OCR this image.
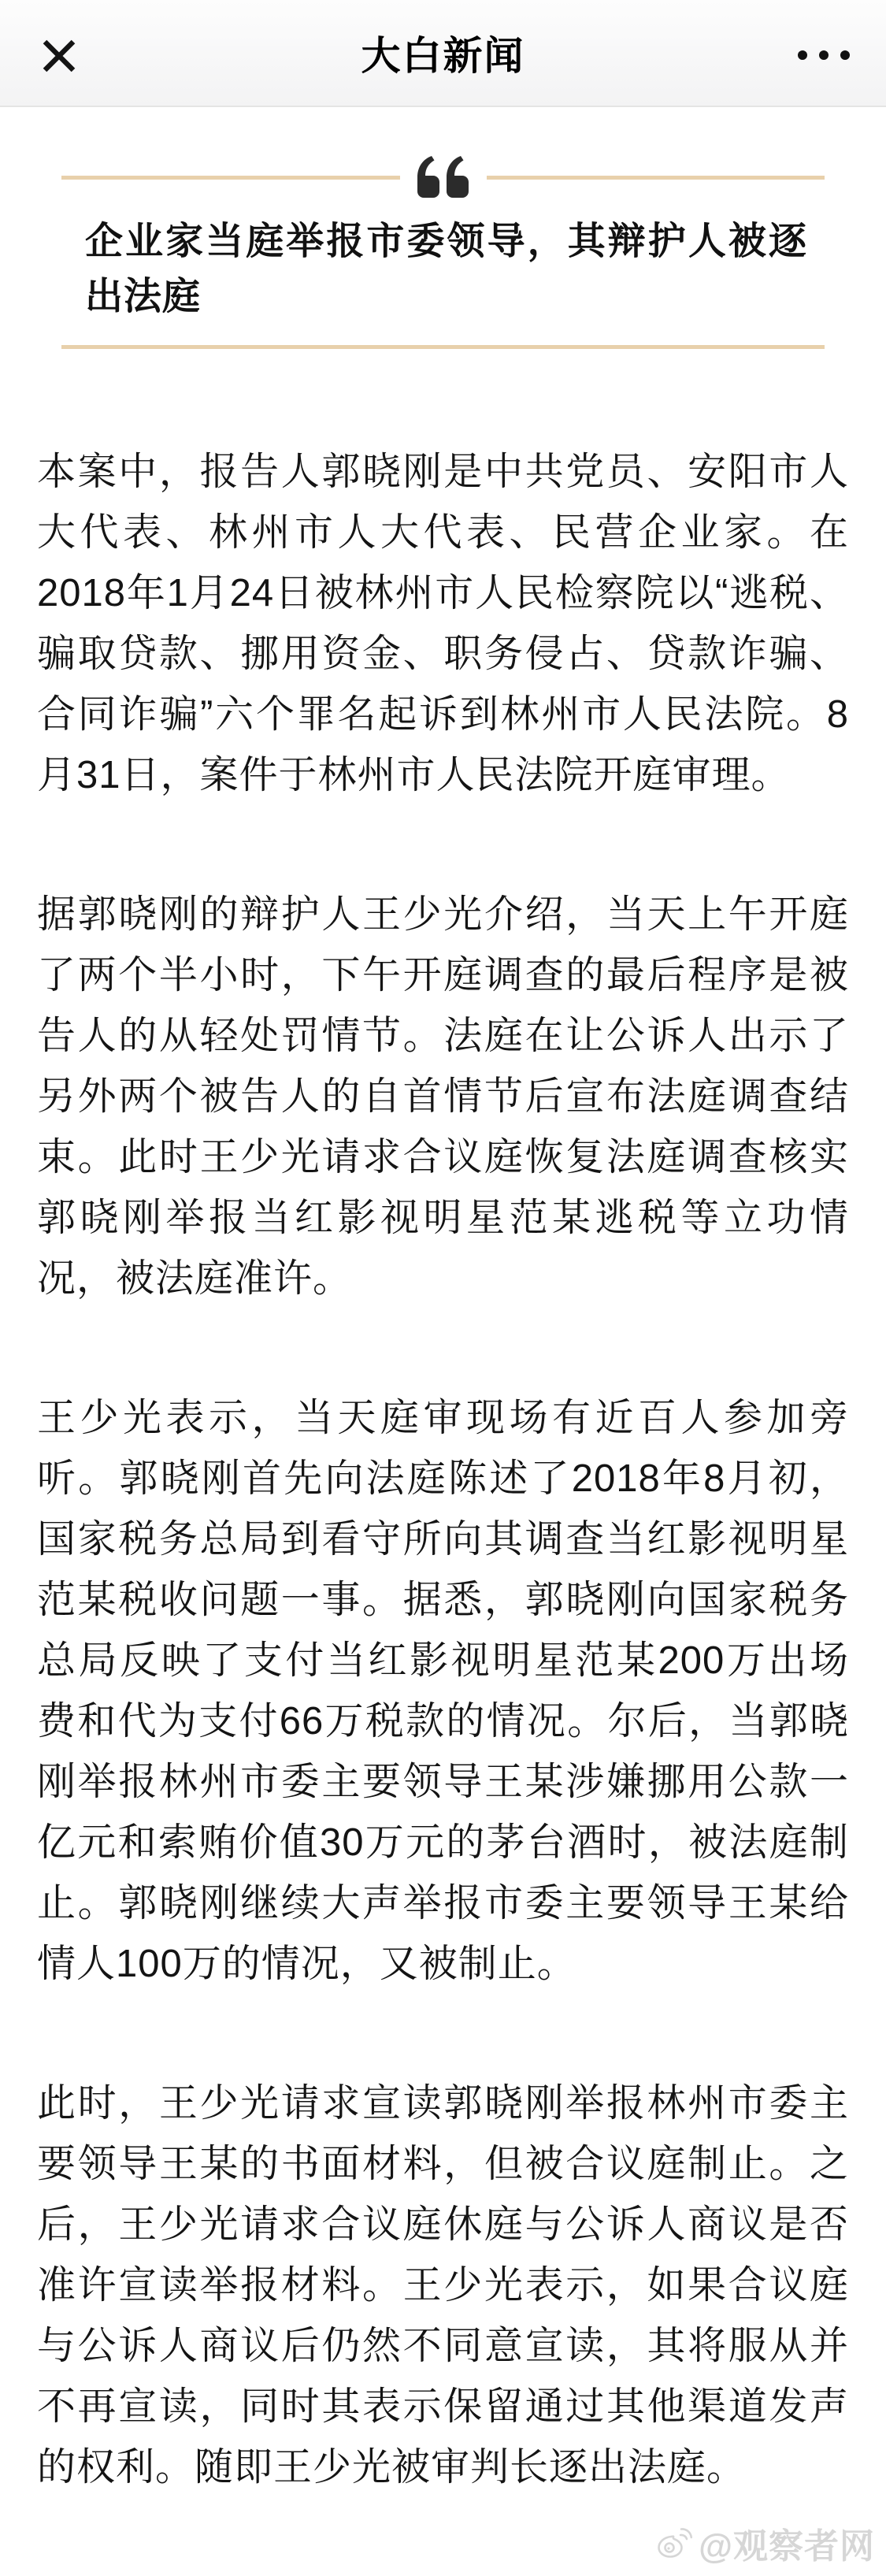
大白新闻
企业家当庭举报市委领导，其辩护人被逐出法庭

本案中，报告人郭晓刚是中共党员、安阳市人大代表、林州市人大代表、民营企业家。在2018年1月24日被林州市人民检察院以“逃税、骗取贷款、挪用资金、职务侵占、贷款诈骗、合同诈骗”六个罪名起诉到林州市人民法院。8月31日，案件于林州市人民法院开庭审理。

据郭晓刚的辩护人王少光介绍，当天上午开庭了两个半小时，下午开庭调查的最后程序是被告人的从轻处罚情节。法庭在让公诉人出示了另外两个被告人的自首情节后宣布法庭调查结束。此时王少光请求合议庭恢复法庭调查核实郭晓刚举报当红影视明星范某逃税等立功情况，被法庭准许。

王少光表示，当天庭审现场有近百人参加旁听。郭晓刚首先向法庭陈述了2018年8月初，国家税务总局到看守所向其调查当红影视明星范某税收问题一事。据悉，郭晓刚向国家税务总局反映了支付当红影视明星范某200万出场费和代为支付66万税款的情况。尔后，当郭晓刚举报林州市委主要领导王某涉嫌挪用公款一亿元和索贿价值30万元的茅台酒时，被法庭制止。郭晓刚继续大声举报市委主要领导王某给情人100万的情况，又被制止。

此时，王少光请求宣读郭晓刚举报林州市委主要领导王某的书面材料，但被合议庭制止。之后，王少光请求合议庭休庭与公诉人商议是否准许宣读举报材料。王少光表示，如果合议庭与公诉人商议后仍然不同意宣读，其将服从并不再宣读，同时其表示保留通过其他渠道发声的权利。随即王少光被审判长逐出法庭。

@观察者网
